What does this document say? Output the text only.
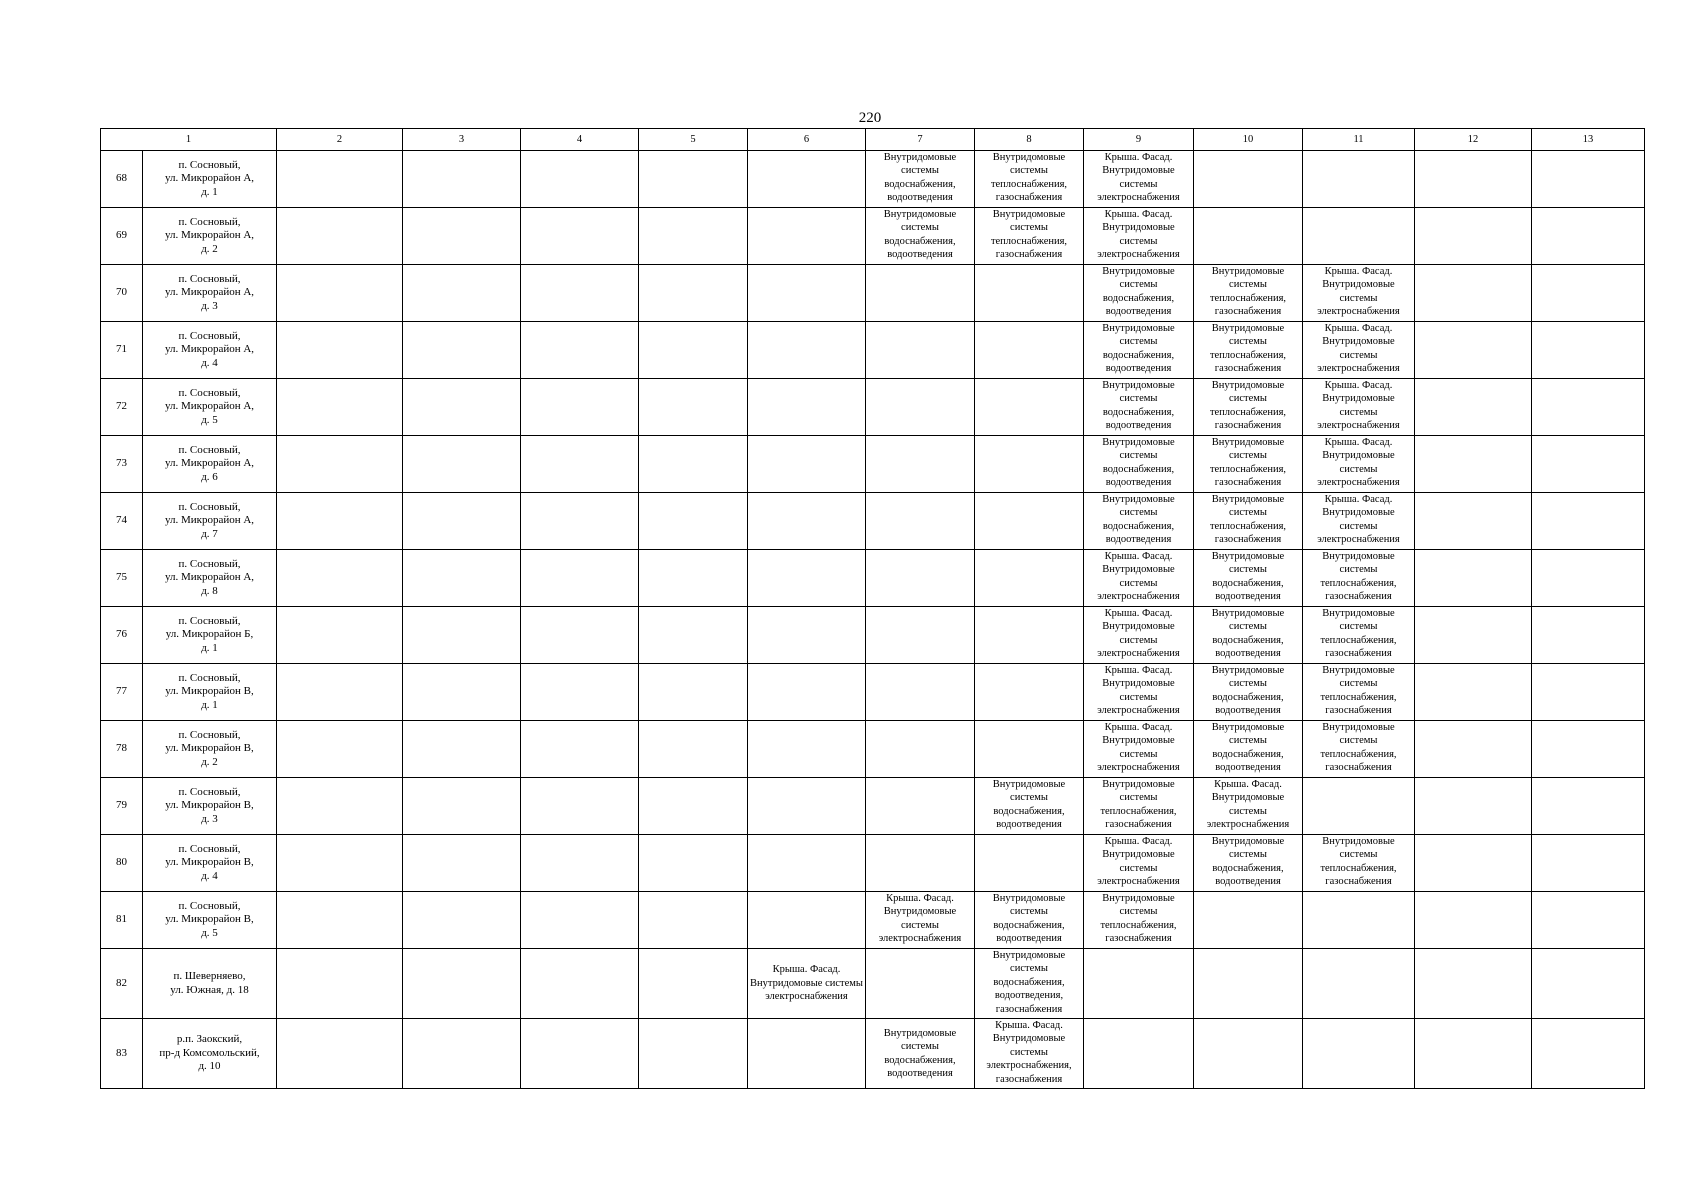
220
1		2	3	4	5	6	7	8	9	10	11	12	13
68	п. Сосновый,
ул. Микрорайон А,
д. 1						Внутридомовые системы водоснабжения, водоотведения	Внутридомовые системы теплоснабжения, газоснабжения	Крыша. Фасад. Внутридомовые системы электроснабжения				
69	п. Сосновый,
ул. Микрорайон А,
д. 2						Внутридомовые системы водоснабжения, водоотведения	Внутридомовые системы теплоснабжения, газоснабжения	Крыша. Фасад. Внутридомовые системы электроснабжения				
70	п. Сосновый,
ул. Микрорайон А,
д. 3								Внутридомовые системы водоснабжения, водоотведения	Внутридомовые системы теплоснабжения, газоснабжения	Крыша. Фасад. Внутридомовые системы электроснабжения		
71	п. Сосновый,
ул. Микрорайон А,
д. 4								Внутридомовые системы водоснабжения, водоотведения	Внутридомовые системы теплоснабжения, газоснабжения	Крыша. Фасад. Внутридомовые системы электроснабжения		
72	п. Сосновый,
ул. Микрорайон А,
д. 5								Внутридомовые системы водоснабжения, водоотведения	Внутридомовые системы теплоснабжения, газоснабжения	Крыша. Фасад. Внутридомовые системы электроснабжения		
73	п. Сосновый,
ул. Микрорайон А,
д. 6								Внутридомовые системы водоснабжения, водоотведения	Внутридомовые системы теплоснабжения, газоснабжения	Крыша. Фасад. Внутридомовые системы электроснабжения		
74	п. Сосновый,
ул. Микрорайон А,
д. 7								Внутридомовые системы водоснабжения, водоотведения	Внутридомовые системы теплоснабжения, газоснабжения	Крыша. Фасад. Внутридомовые системы электроснабжения		
75	п. Сосновый,
ул. Микрорайон А,
д. 8								Крыша. Фасад. Внутридомовые системы электроснабжения	Внутридомовые системы водоснабжения, водоотведения	Внутридомовые системы теплоснабжения, газоснабжения		
76	п. Сосновый,
ул. Микрорайон Б,
д. 1								Крыша. Фасад. Внутридомовые системы электроснабжения	Внутридомовые системы водоснабжения, водоотведения	Внутридомовые системы теплоснабжения, газоснабжения		
77	п. Сосновый,
ул. Микрорайон В,
д. 1								Крыша. Фасад. Внутридомовые системы электроснабжения	Внутридомовые системы водоснабжения, водоотведения	Внутридомовые системы теплоснабжения, газоснабжения		
78	п. Сосновый,
ул. Микрорайон В,
д. 2								Крыша. Фасад. Внутридомовые системы электроснабжения	Внутридомовые системы водоснабжения, водоотведения	Внутридомовые системы теплоснабжения, газоснабжения		
79	п. Сосновый,
ул. Микрорайон В,
д. 3							Внутридомовые системы водоснабжения, водоотведения	Внутридомовые системы теплоснабжения, газоснабжения	Крыша. Фасад. Внутридомовые системы электроснабжения			
80	п. Сосновый,
ул. Микрорайон В,
д. 4								Крыша. Фасад. Внутридомовые системы электроснабжения	Внутридомовые системы водоснабжения, водоотведения	Внутридомовые системы теплоснабжения, газоснабжения		
81	п. Сосновый,
ул. Микрорайон В,
д. 5						Крыша. Фасад. Внутридомовые системы электроснабжения	Внутридомовые системы водоснабжения, водоотведения	Внутридомовые системы теплоснабжения, газоснабжения				
82	п. Шеверняево,
ул. Южная, д. 18					Крыша. Фасад. Внутридомовые системы электроснабжения		Внутридомовые системы водоснабжения, водоотведения, газоснабжения					
83	р.п. Заокский,
пр-д Комсомольский,
д. 10						Внутридомовые системы водоснабжения, водоотведения	Крыша. Фасад. Внутридомовые системы электроснабжения, газоснабжения					
